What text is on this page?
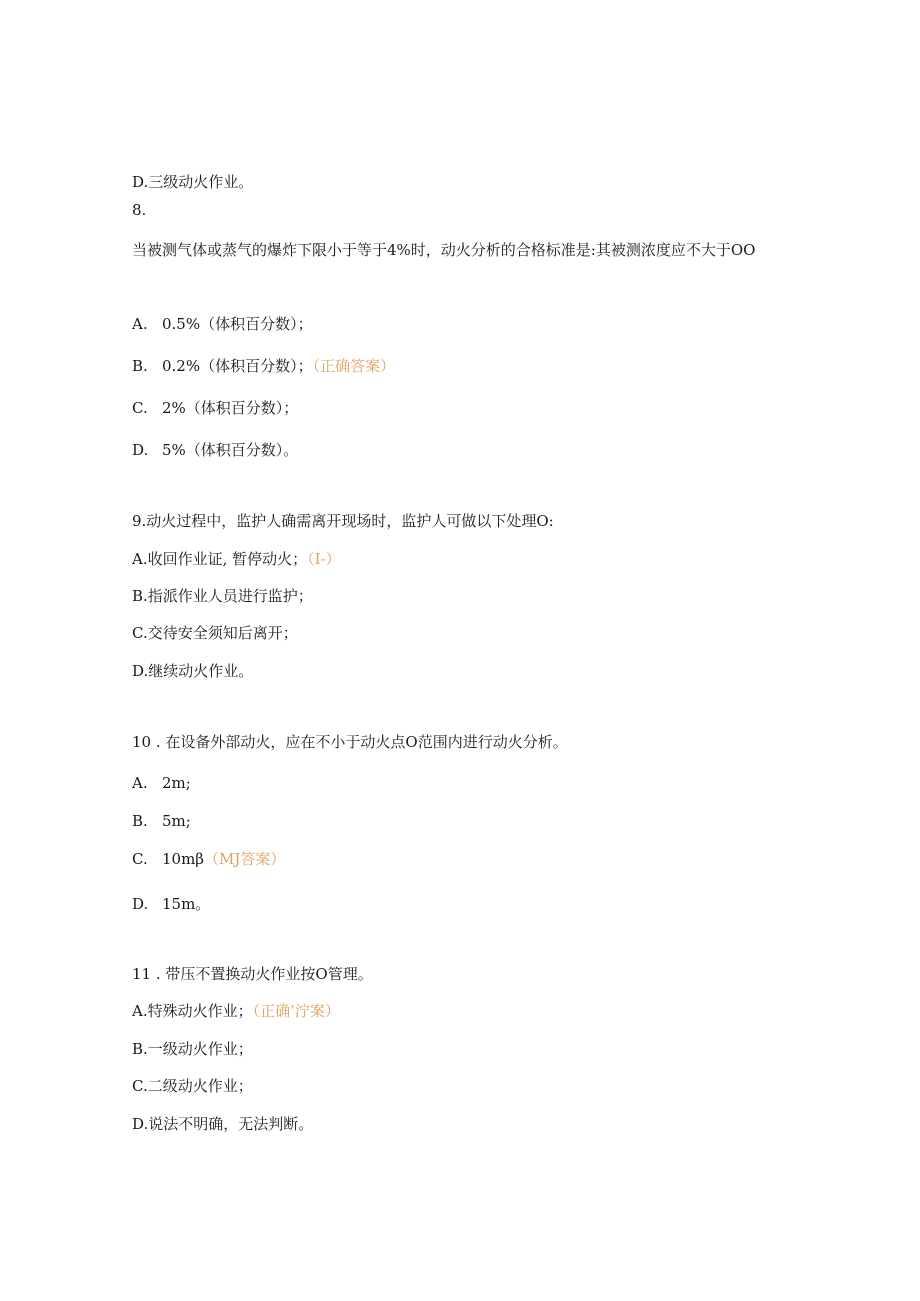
D.三级动火作业。
8.
当被测气体或蒸气的爆炸下限小于等于4%时，动火分析的合格标准是:其被测浓度应不大于OO
A. 0.5%（体积百分数）；
B. 0.2%（体积百分数）；（正确答案）
C. 2%（体积百分数）；
D. 5%（体积百分数）。
9.动火过程中，监护人确需离开现场时，监护人可做以下处理O:
A.收回作业证, 暂停动火；（I-）
B.指派作业人员进行监护；
C.交待安全须知后离开；
D.继续动火作业。
10 . 在设备外部动火，应在不小于动火点O范围内进行动火分析。
A. 2m;
B. 5m;
C. 10mβ（MJ答案）
D. 15m。
11 . 带压不置换动火作业按O管理。
A.特殊动火作业；（正确’泞案）
B.一级动火作业；
C.二级动火作业；
D.说法不明确，无法判断。
